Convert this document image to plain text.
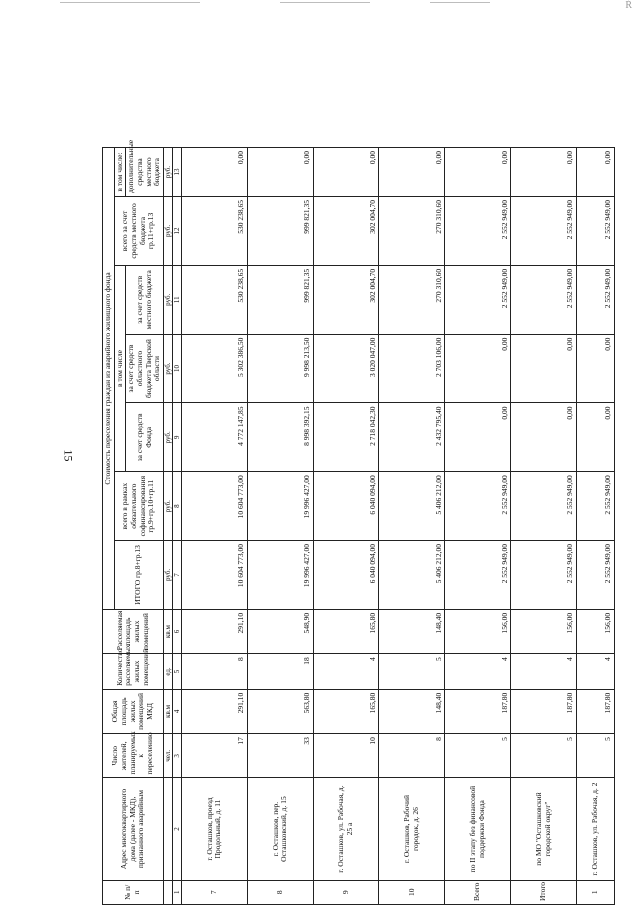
Ŕ
15
№ п/п	Адрес многоквартирного дома (далее - МКД), признанного аварийным	Число жителей, планируемых к переселению	Общая площадь жилых помещений МКД	Количество расселяемых жилых помещений	Расселяемая площадь жилых помещений	Стоимость переселения граждан из аварийного жилищного фонда						
						ИТОГО гр.8+гр.13	всего в рамках обязательного софинансирования гр.9+гр.10+гр.11	в том числе			всего за счет средств местного бюджета гр.11+гр.13	в том числе:
								за счет средств Фонда	за счет средств областного бюджета Тверской области	за счет средств местного бюджета		дополнительные средства местного бюджета
		чел.	кв.м	ед.	кв.м	руб.	руб.	руб.	руб.	руб.	руб.	руб.
1	2	3	4	5	6	7	8	9	10	11	12	13
7	г. Осташков, проезд Продольный, д. 11	17	291,10	8	291,10	10 604 773,00	10 604 773,00	4 772 147,85	5 302 386,50	530 238,65	530 238,65	0,00
8	г. Осташков, пер. Осташковский, д. 15	33	563,80	18	548,90	19 996 427,00	19 996 427,00	8 998 392,15	9 998 213,50	999 821,35	999 821,35	0,00
9	г. Осташков, ул. Рабочая, д. 25 а	10	165,80	4	165,80	6 040 094,00	6 040 094,00	2 718 042,30	3 020 047,00	302 004,70	302 004,70	0,00
10	г. Осташков, Рабочий городок, д. 26	8	148,40	5	148,40	5 406 212,00	5 406 212,00	2 432 795,40	2 703 106,00	270 310,60	270 310,60	0,00
Всего	по II этапу без финансовой поддержки Фонда	5	187,80	4	156,00	2 552 949,00	2 552 949,00	0,00	0,00	2 552 949,00	2 552 949,00	0,00
Итого	по МО "Осташковский городской округ"	5	187,80	4	156,00	2 552 949,00	2 552 949,00	0,00	0,00	2 552 949,00	2 552 949,00	0,00
1	г. Осташков, ул. Рабочая, д. 2	5	187,80	4	156,00	2 552 949,00	2 552 949,00	0,00	0,00	2 552 949,00	2 552 949,00	0,00
